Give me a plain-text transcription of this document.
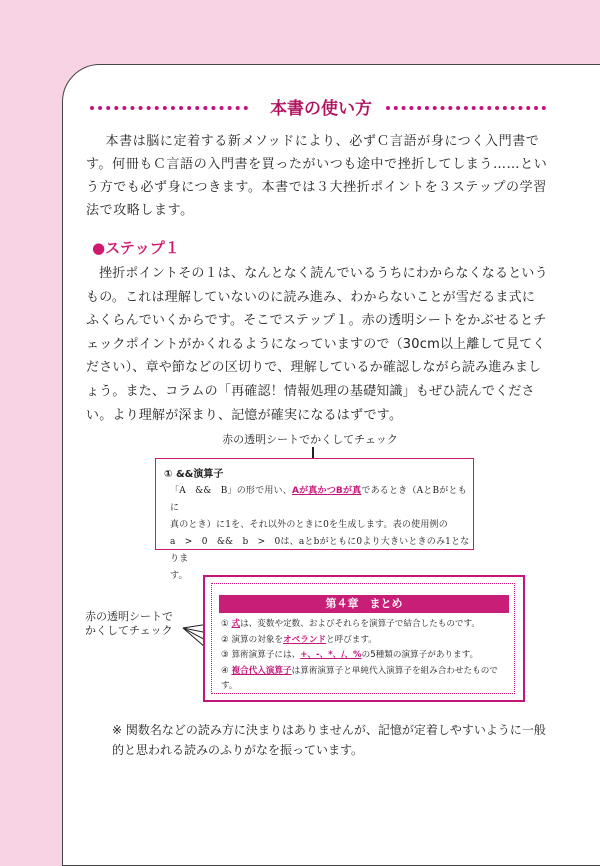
本書の使い方

本書は脳に定着する新メソッドにより、必ずＣ言語が身につく入門書です。何冊もＣ言語の入門書を買ったがいつも途中で挫折してしまう……という方でも必ず身につきます。本書では３大挫折ポイントを３ステップの学習法で攻略します。

●ステップ１

挫折ポイントその１は、なんとなく読んでいるうちにわからなくなるというもの。これは理解していないのに読み進み、わからないことが雪だるま式にふくらんでいくからです。そこでステップ１。赤の透明シートをかぶせるとチェックポイントがかくれるようになっていますので（30cm以上離して見てください）、章や節などの区切りで、理解しているか確認しながら読み進みましょう。また、コラムの「再確認！情報処理の基礎知識」もぜひ読んでください。より理解が深まり、記憶が確実になるはずです。

赤の透明シートでかくしてチェック
① &&演算子
「A　&&　B」の形で用い、Aが真かつBが真であるとき（AとBがともに
真のとき）に1を、それ以外のときに0を生成します。表の使用例の
a　>　0　&&　b　>　0は、aとbがともに0より大きいときのみ1となりま
す。
赤の透明シートで
かくしてチェック
第４章　まとめ
① 式は、変数や定数、およびそれらを演算子で結合したものです。
② 演算の対象をオペランドと呼びます。
③ 算術演算子には、+、-、*、/、%の5種類の演算子があります。
④ 複合代入演算子は算術演算子と単純代入演算子を組み合わせたものです。

※ 関数名などの読み方に決まりはありませんが、記憶が定着しやすいように一般的と思われる読みのふりがなを振っています。
